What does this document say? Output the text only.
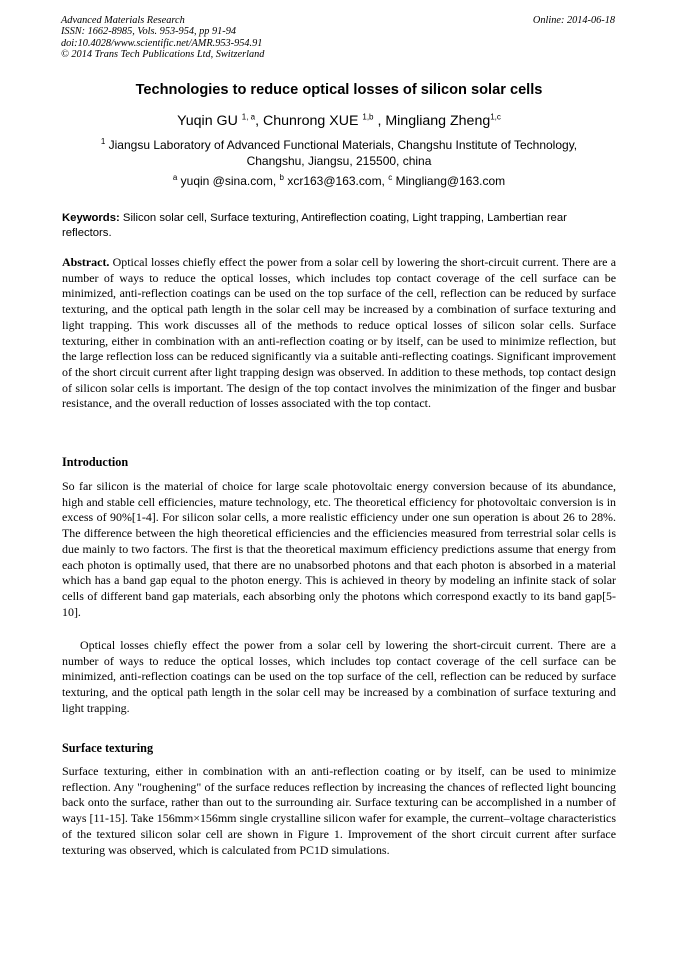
Advanced Materials Research
ISSN: 1662-8985, Vols. 953-954, pp 91-94
doi:10.4028/www.scientific.net/AMR.953-954.91
© 2014 Trans Tech Publications Ltd, Switzerland
Online: 2014-06-18
Technologies to reduce optical losses of silicon solar cells
Yuqin GU $^{1, a}$, Chunrong XUE $^{1,b}$ , Mingliang Zheng$^{1,c}$
$^1$ Jiangsu Laboratory of Advanced Functional Materials, Changshu Institute of Technology,
Changshu, Jiangsu, 215500, china
$^a$ yuqin @sina.com, $^b$ xcr163@163.com, $^c$ Mingliang@163.com
Keywords: Silicon solar cell, Surface texturing, Antireflection coating, Light trapping, Lambertian rear reflectors.
Abstract. Optical losses chiefly effect the power from a solar cell by lowering the short-circuit current. There are a number of ways to reduce the optical losses, which includes top contact coverage of the cell surface can be minimized, anti-reflection coatings can be used on the top surface of the cell, reflection can be reduced by surface texturing, and the optical path length in the solar cell may be increased by a combination of surface texturing and light trapping. This work discusses all of the methods to reduce optical losses of silicon solar cells. Surface texturing, either in combination with an anti-reflection coating or by itself, can be used to minimize reflection, but the large reflection loss can be reduced significantly via a suitable anti-reflecting coatings. Significant improvement of the short circuit current after light trapping design was observed. In addition to these methods, top contact design of silicon solar cells is important. The design of the top contact involves the minimization of the finger and busbar resistance, and the overall reduction of losses associated with the top contact.
Introduction
So far silicon is the material of choice for large scale photovoltaic energy conversion because of its abundance, high and stable cell efficiencies, mature technology, etc. The theoretical efficiency for photovoltaic conversion is in excess of 90%[1-4]. For silicon solar cells, a more realistic efficiency under one sun operation is about 26 to 28%. The difference between the high theoretical efficiencies and the efficiencies measured from terrestrial solar cells is due mainly to two factors. The first is that the theoretical maximum efficiency predictions assume that energy from each photon is optimally used, that there are no unabsorbed photons and that each photon is absorbed in a material which has a band gap equal to the photon energy. This is achieved in theory by modeling an infinite stack of solar cells of different band gap materials, each absorbing only the photons which correspond exactly to its band gap[5-10].
Optical losses chiefly effect the power from a solar cell by lowering the short-circuit current. There are a number of ways to reduce the optical losses, which includes top contact coverage of the cell surface can be minimized, anti-reflection coatings can be used on the top surface of the cell, reflection can be reduced by surface texturing, and the optical path length in the solar cell may be increased by a combination of surface texturing and light trapping.
Surface texturing
Surface texturing, either in combination with an anti-reflection coating or by itself, can be used to minimize reflection. Any "roughening" of the surface reduces reflection by increasing the chances of reflected light bouncing back onto the surface, rather than out to the surrounding air. Surface texturing can be accomplished in a number of ways [11-15]. Take 156mm×156mm single crystalline silicon wafer for example, the current–voltage characteristics of the textured silicon solar cell are shown in Figure 1. Improvement of the short circuit current after surface texturing was observed, which is calculated from PC1D simulations.
